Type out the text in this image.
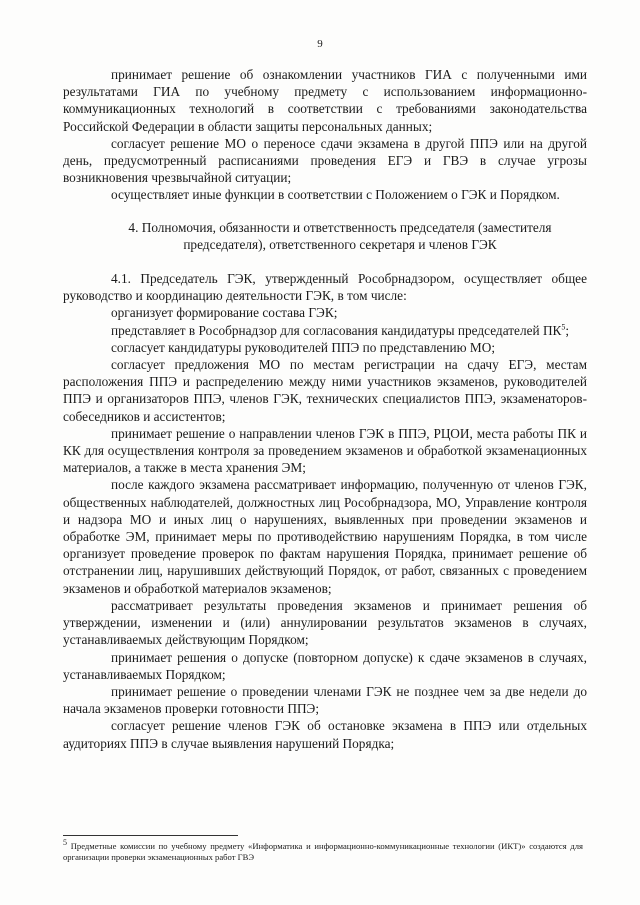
9

принимает решение об ознакомлении участников ГИА с полученными ими результатами ГИА по учебному предмету с использованием информационно-коммуникационных технологий в соответствии с требованиями законодательства Российской Федерации в области защиты персональных данных;

согласует решение МО о переносе сдачи экзамена в другой ППЭ или на другой день, предусмотренный расписаниями проведения ЕГЭ и ГВЭ в случае угрозы возникновения чрезвычайной ситуации;

осуществляет иные функции в соответствии с Положением о ГЭК и Порядком.

4. Полномочия, обязанности и ответственность председателя (заместителя председателя), ответственного секретаря и членов ГЭК

4.1. Председатель ГЭК, утвержденный Рособрнадзором, осуществляет общее руководство и координацию деятельности ГЭК, в том числе:

организует формирование состава ГЭК;

представляет в Рособрнадзор для согласования кандидатуры председателей $ПК^5$;

согласует кандидатуры руководителей ППЭ по представлению МО;

согласует предложения МО по местам регистрации на сдачу ЕГЭ, местам расположения ППЭ и распределению между ними участников экзаменов, руководителей ППЭ и организаторов ППЭ, членов ГЭК, технических специалистов ППЭ, экзаменаторов-собеседников и ассистентов;

принимает решение о направлении членов ГЭК в ППЭ, РЦОИ, места работы ПК и КК для осуществления контроля за проведением экзаменов и обработкой экзаменационных материалов, а также в места хранения ЭМ;

после каждого экзамена рассматривает информацию, полученную от членов ГЭК, общественных наблюдателей, должностных лиц Рособрнадзора, МО, Управление контроля и надзора МО и иных лиц о нарушениях, выявленных при проведении экзаменов и обработке ЭМ, принимает меры по противодействию нарушениям Порядка, в том числе организует проведение проверок по фактам нарушения Порядка, принимает решение об отстранении лиц, нарушивших действующий Порядок, от работ, связанных с проведением экзаменов и обработкой материалов экзаменов;

рассматривает результаты проведения экзаменов и принимает решения об утверждении, изменении и (или) аннулировании результатов экзаменов в случаях, устанавливаемых действующим Порядком;

принимает решения о допуске (повторном допуске) к сдаче экзаменов в случаях, устанавливаемых Порядком;

принимает решение о проведении членами ГЭК не позднее чем за две недели до начала экзаменов проверки готовности ППЭ;

согласует решение членов ГЭК об остановке экзамена в ППЭ или отдельных аудиториях ППЭ в случае выявления нарушений Порядка;

$^5$ Предметные комиссии по учебному предмету «Информатика и информационно-коммуникационные технологии (ИКТ)» создаются для организации проверки экзаменационных работ ГВЭ
